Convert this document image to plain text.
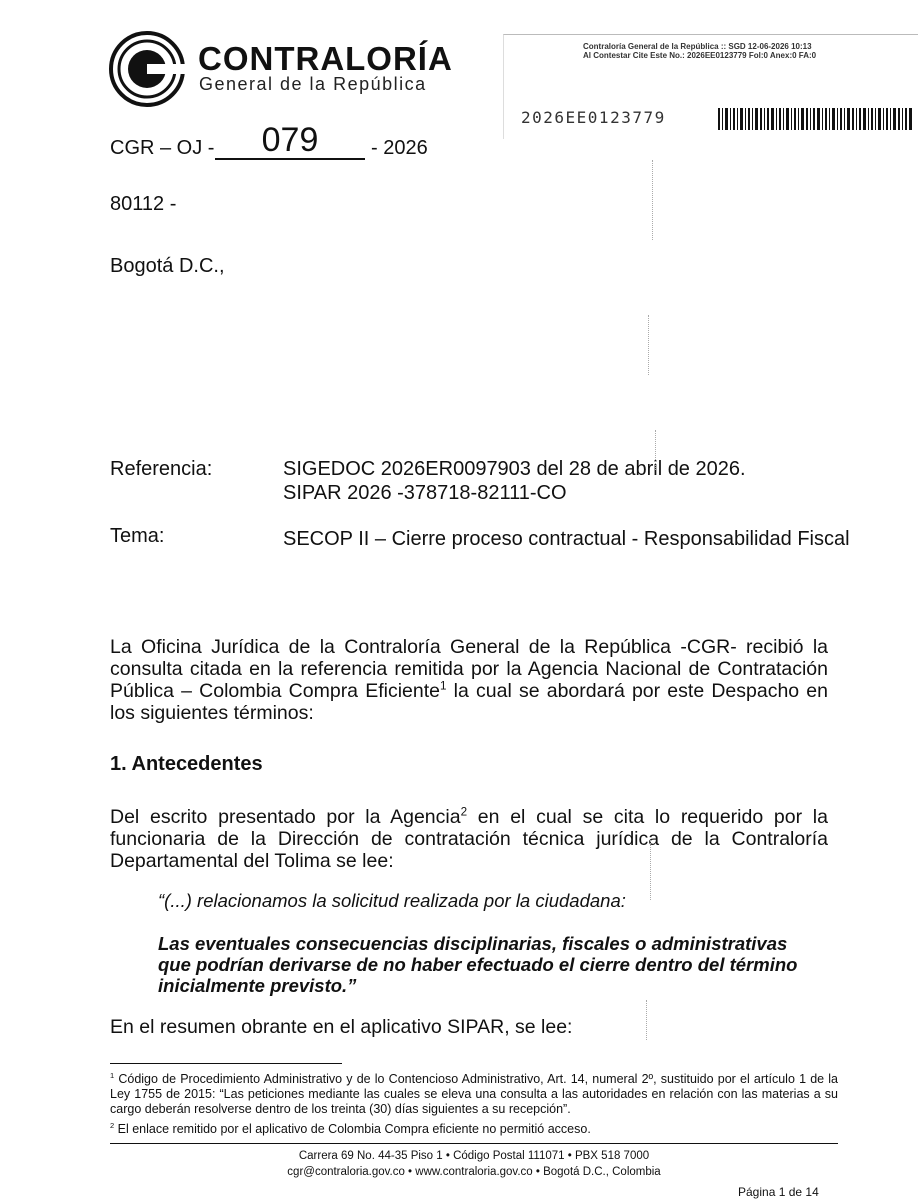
CONTRALORÍA
General de la República
Contraloría General de la República :: SGD 12-06-2026 10:13
Al Contestar Cite Este No.: 2026EE0123779 Fol:0 Anex:0 FA:0
2026EE0123779
CGR – OJ -	079	- 2026
80112 -
Bogotá D.C.,
Referencia:	SIGEDOC 2026ER0097903 del 28 de abril de 2026.
SIPAR 2026 -378718-82111-CO
Tema:	SECOP II – Cierre proceso contractual - Responsabilidad Fiscal

La Oficina Jurídica de la Contraloría General de la República -CGR- recibió la consulta citada en la referencia remitida por la Agencia Nacional de Contratación Pública – Colombia Compra Eficiente$^1$ la cual se abordará por este Despacho en los siguientes términos:

1. Antecedentes

Del escrito presentado por la Agencia$^2$ en el cual se cita lo requerido por la funcionaria de la Dirección de contratación técnica jurídica de la Contraloría Departamental del Tolima se lee:

“(...) relacionamos la solicitud realizada por la ciudadana:

Las eventuales consecuencias disciplinarias, fiscales o administrativas que podrían derivarse de no haber efectuado el cierre dentro del término inicialmente previsto.”

En el resumen obrante en el aplicativo SIPAR, se lee:

$^1$ Código de Procedimiento Administrativo y de lo Contencioso Administrativo, Art. 14, numeral 2º, sustituido por el artículo 1 de la Ley 1755 de 2015: “Las peticiones mediante las cuales se eleva una consulta a las autoridades en relación con las materias a su cargo deberán resolverse dentro de los treinta (30) días siguientes a su recepción”.

$^2$ El enlace remitido por el aplicativo de Colombia Compra eficiente no permitió acceso.

Carrera 69 No. 44-35 Piso 1 • Código Postal 111071 • PBX 518 7000
cgr@contraloria.gov.co • www.contraloria.gov.co • Bogotá D.C., Colombia
Página 1 de 14
